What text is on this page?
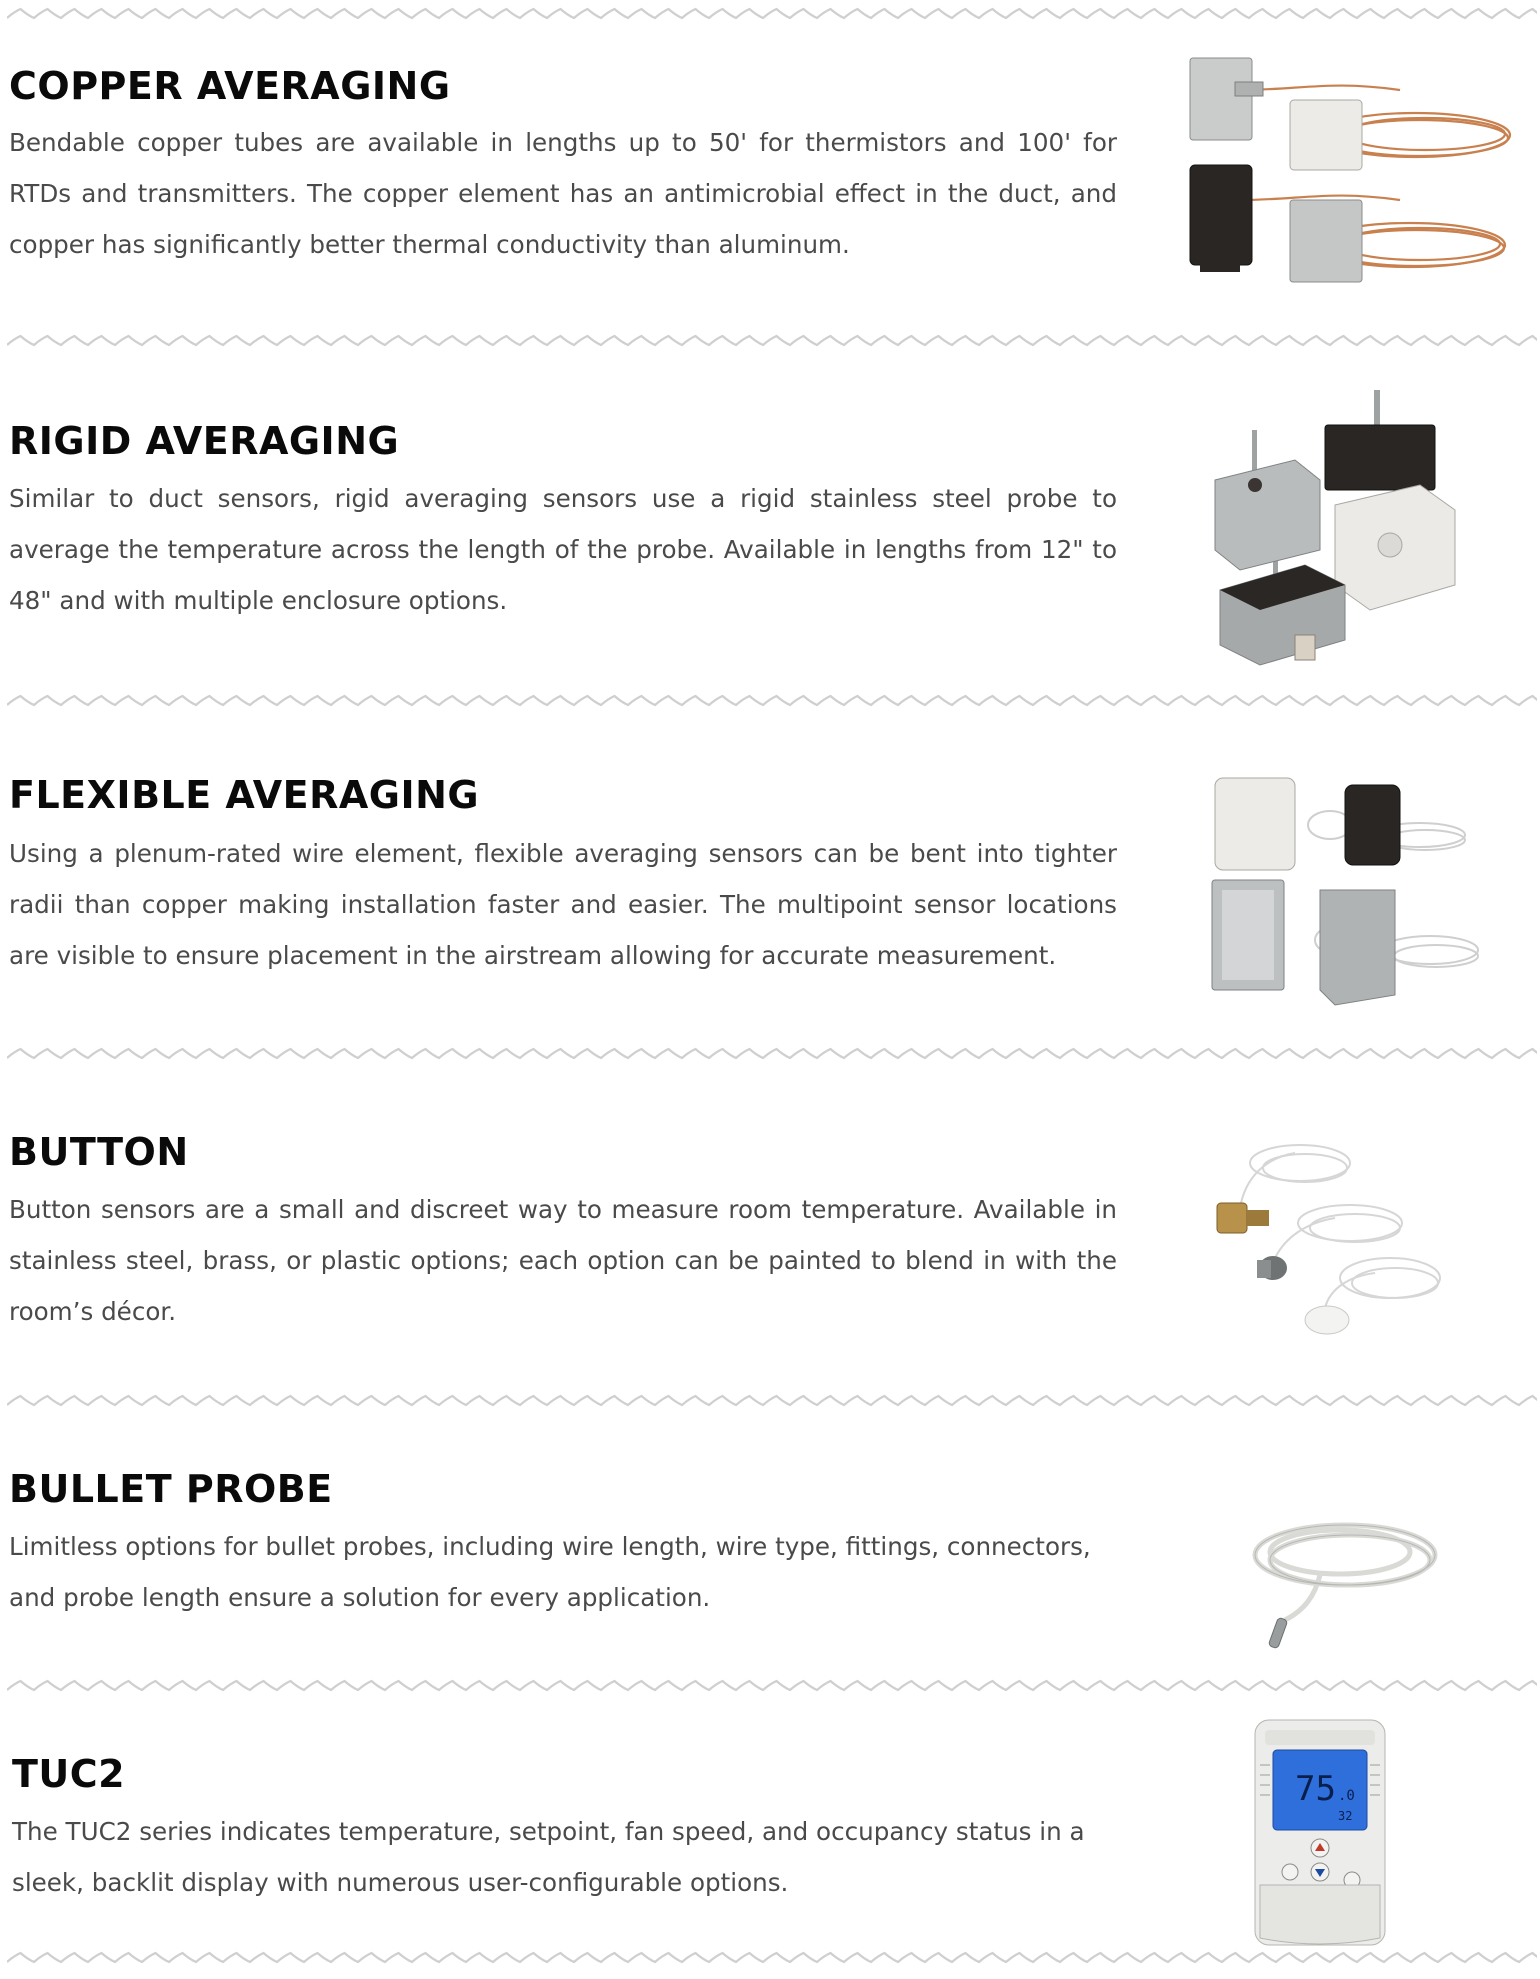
COPPER AVERAGING

Bendable copper tubes are available in lengths up to 50' for thermistors and 100' for RTDs and transmitters. The copper element has an antimicrobial effect in the duct, and copper has significantly better thermal conductivity than aluminum.

RIGID AVERAGING

Similar to duct sensors, rigid averaging sensors use a rigid stainless steel probe to average the temperature across the length of the probe. Available in lengths from 12" to 48" and with multiple enclosure options.

FLEXIBLE AVERAGING

Using a plenum-rated wire element, flexible averaging sensors can be bent into tighter radii than copper making installation faster and easier. The multipoint sensor locations are visible to ensure placement in the airstream allowing for accurate measurement.

BUTTON

Button sensors are a small and discreet way to measure room temperature. Available in stainless steel, brass, or plastic options; each option can be painted to blend in with the room’s décor.

BULLET PROBE

Limitless options for bullet probes, including wire length, wire type, fittings, connectors, and probe length ensure a solution for every application.

TUC2

The TUC2 series indicates temperature, setpoint, fan speed, and occupancy status in a sleek, backlit display with numerous user-configurable options.

75 .0
32
